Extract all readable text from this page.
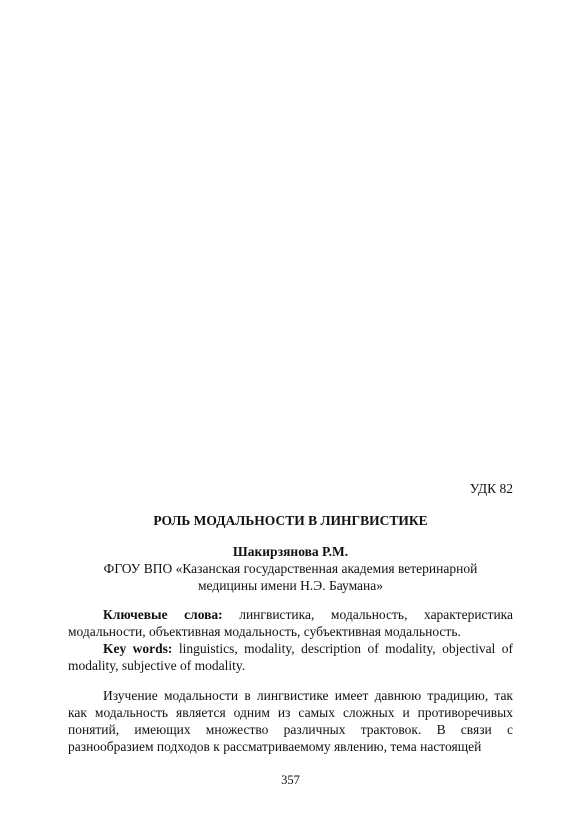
УДК 82
РОЛЬ МОДАЛЬНОСТИ В ЛИНГВИСТИКЕ
Шакирзянова Р.М.
ФГОУ ВПО «Казанская государственная академия ветеринарной
медицины имени Н.Э. Баумана»

Ключевые слова: лингвистика, модальность, характеристика модальности, объективная модальность, субъективная модальность.

Key words: linguistics, modality, description of modality, objectival of modality, subjective of modality.

Изучение модальности в лингвистике имеет давнюю традицию, так как модальность является одним из самых сложных и противоречивых понятий, имеющих множество различных трактовок. В связи с разнообразием подходов к рассматриваемому явлению, тема настоящей

357
